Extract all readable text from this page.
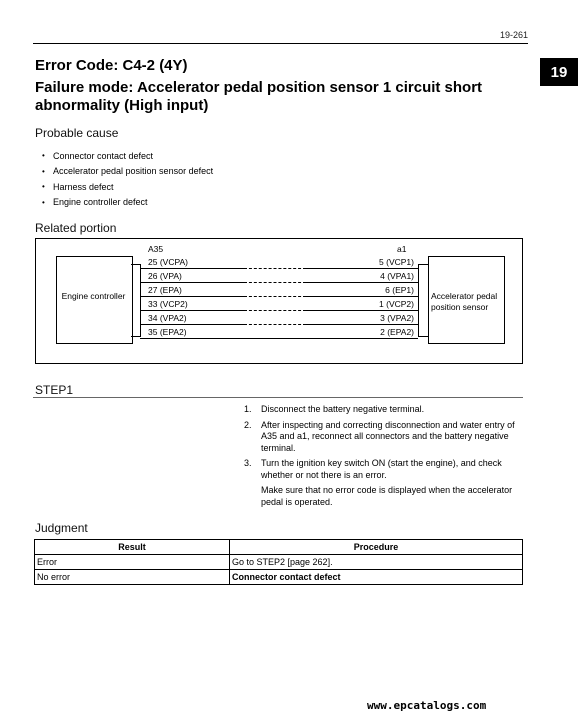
19-261
19
Error Code: C4-2 (4Y)
Failure mode: Accelerator pedal position sensor 1 circuit short abnormality (High input)
Probable cause
• Connector contact defect
• Accelerator pedal position sensor defect
• Harness defect
• Engine controller defect
Related portion
Engine controller	Accelerator pedal position sensor
A35	a1
25 (VCPA)	5 (VCP1)
26 (VPA)	4 (VPA1)
27 (EPA)	6 (EP1)
33 (VCP2)	1 (VCP2)
34 (VPA2)	3 (VPA2)
35 (EPA2)	2 (EPA2)
STEP1
1.	Disconnect the battery negative terminal.
2.	After inspecting and correcting disconnection and water entry of A35 and a1, reconnect all connectors and the battery negative terminal.
3.	Turn the ignition key switch ON (start the engine), and check whether or not there is an error.
Make sure that no error code is displayed when the accelerator pedal is operated.
Judgment
Result	Procedure
Error	Go to STEP2 [page 262].
No error	Connector contact defect
www.epcatalogs.com
